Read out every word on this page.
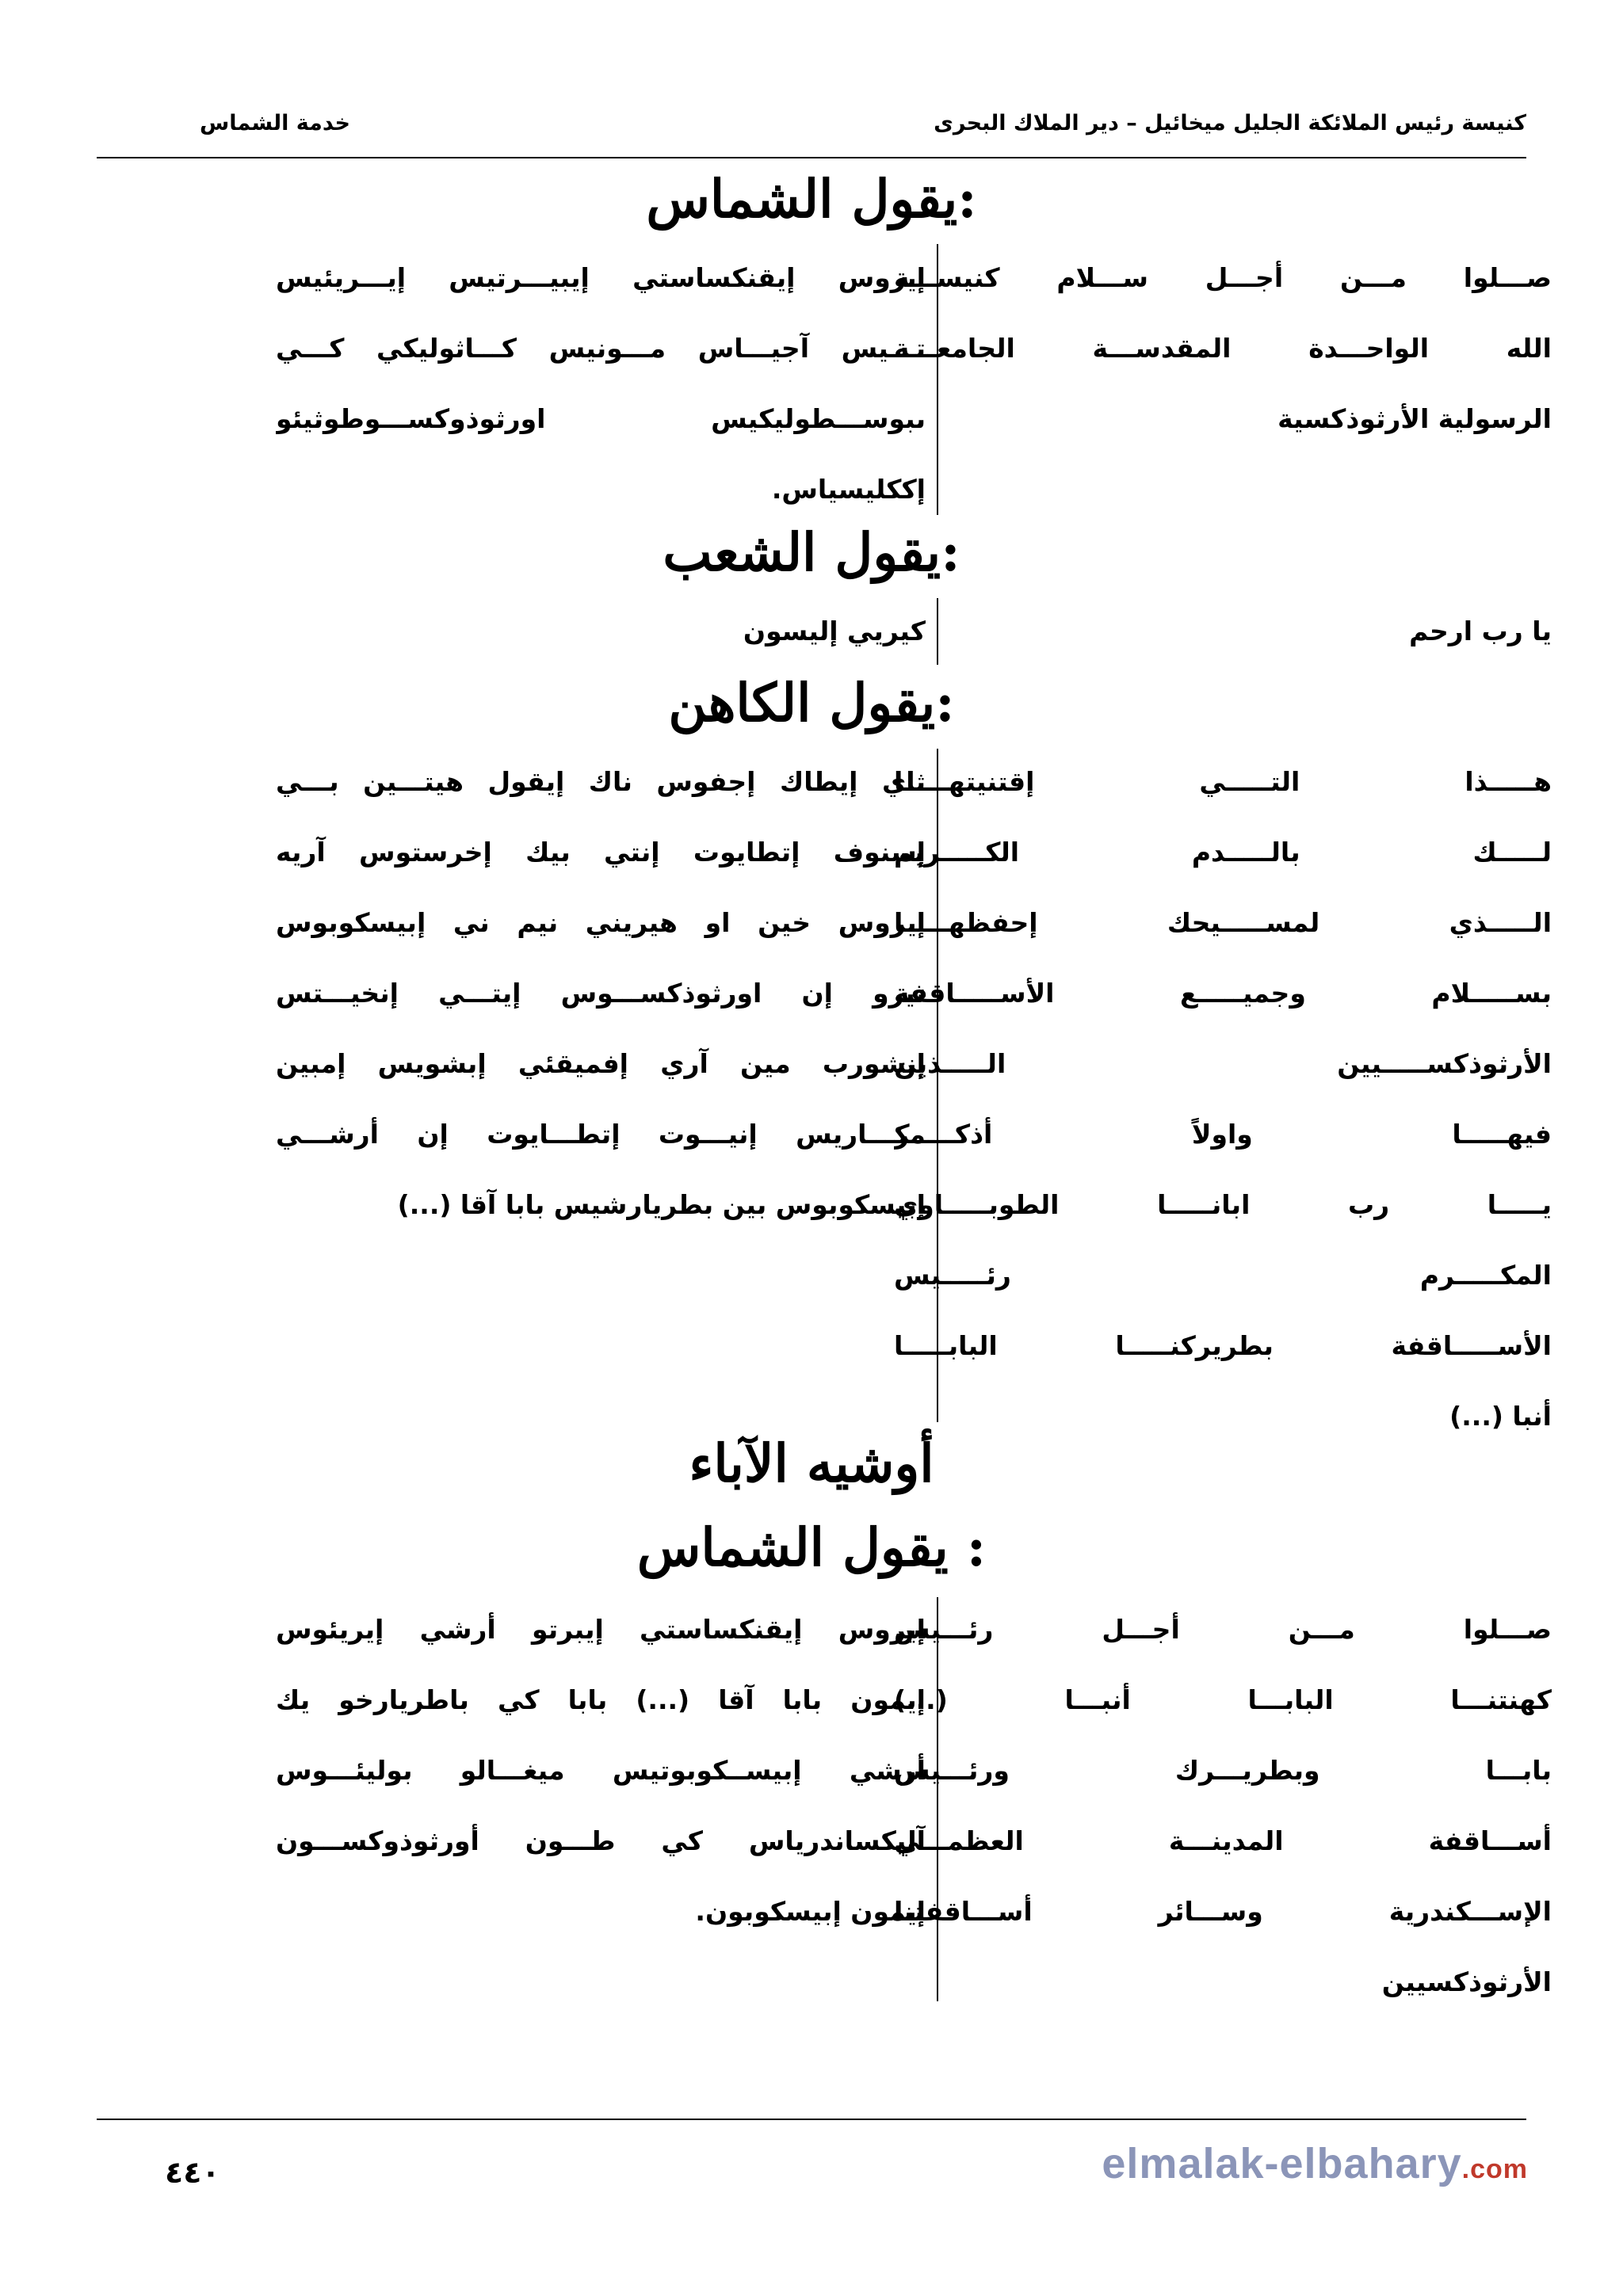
كنيسة رئيس الملائكة الجليل ميخائيل – دير الملاك البحرى
خدمة الشماس
يقول الشماس:
صـــلوا مـــن أجـــل ســـلام كنيســـة
الله الواحـــدة المقدســـة الجامعـــة
الرسولية الأرثوذكسية
إيروس إيقنكساستي إيبيـــرتيس إيـــريئيس
تـــيس آجيـــاس مـــونيس كـــاثوليكي كـــي
ىبوســـطوليكيس اورثوذوكســـوطوثيئو
إككليسياس.
يقول الشعب:
يا رب ارحم
كيريي إليسون
يقول الكاهن:
هـــــذا التـــــي إقتنيتهـــــا
لـــــك بالـــــدم الكـــــريم
الـــــذي لمســـــيحك إحفظهـــــا
بســـــلام وجميـــــع الأســـــاقفة
الأرثوذكســـــيين الـــــذين
فيهـــــا واولاً أذكـــــر
يـــــا رب ابانـــــا الطوبـــــاوي
المكـــــرم رئـــــيس
الأســـــاقفة بطريركنـــــا البابـــــا
أنبا (...)
ثاي إيطاك إجفوس ناك إيقول هيتـــين بـــي
إسنوف إتطايوت إنتي بيك إخرستوس آريه
إيروس خين او هيريني نيم ني إبيسكوبوس
تيرو إن اورثوذكســـوس إيتـــي إنخيـــتس
إنشورب مين آري إفميقئي إبشويس إمبين
مكـــاريس إنيـــوت إتطـــايوت إن أرشـــي
إبيسكوبوس بين بطريارشيس بابا آقا (...)
أوشيه الآباء
يقول الشماس :
صـــلوا مـــن أجـــل رئـــيس
كهنتنـــا البابـــا أنبـــا (...)
بابـــا وبطريـــرك ورئـــيس
أســـاقفة المدينـــة العظمـــي
الإســـكندرية وســـائر أســـاقفتنا
الأرثوذكسيين
إيروس إيقنكساستي إيبرتو أرشي إيريئوس
إيمون بابا آقا (...) بابا كي باطريارخو يك
أرشي إبيســكوبوتيس ميغـــالو بوليئـــوس
آليكساندرياس كي طـــون أورثوذوكســـون
إيمون إبيسكوبون.
٤٤٠	elmalak-elbahary.com
